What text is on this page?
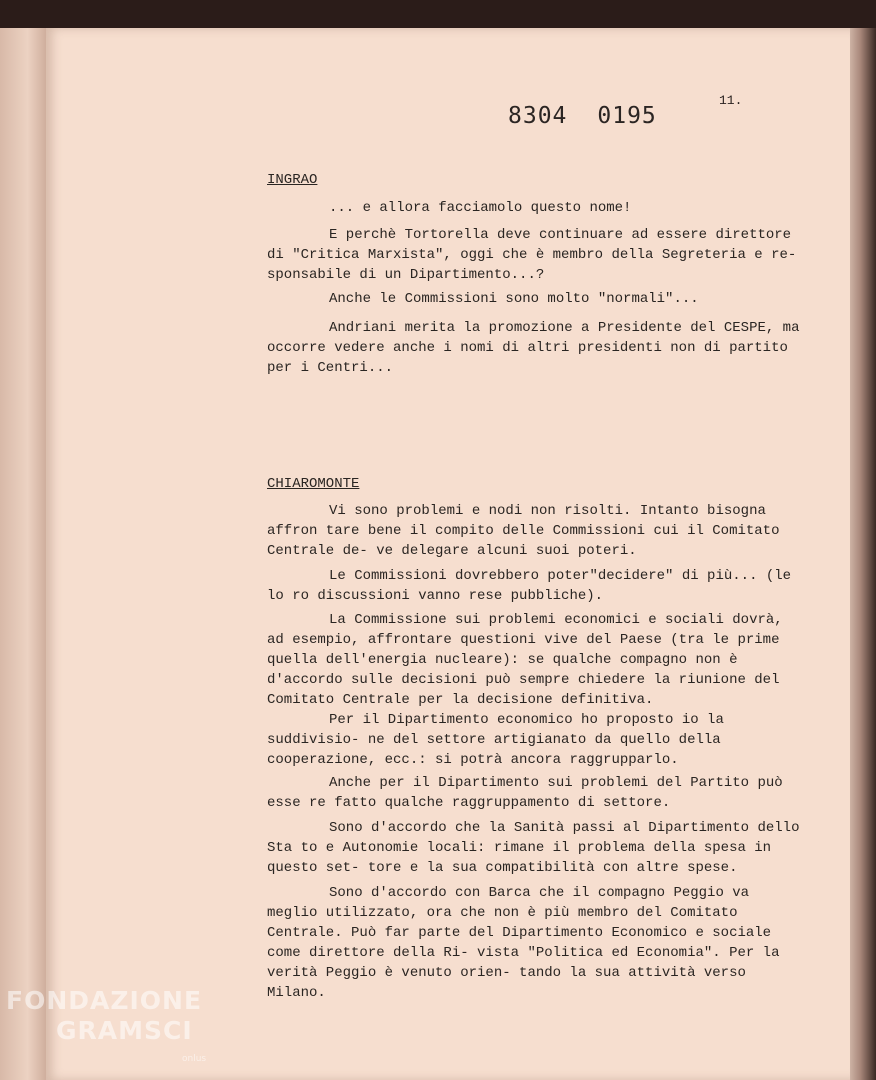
11.
8304 0195

INGRAO

... e allora facciamolo questo nome!

E perchè Tortorella deve continuare ad essere direttore di "Critica Marxista", oggi che è membro della Segreteria e re- sponsabile di un Dipartimento...?

Anche le Commissioni sono molto "normali"...

Andriani merita la promozione a Presidente del CESPE, ma occorre vedere anche i nomi di altri presidenti non di partito per i Centri...

CHIAROMONTE

Vi sono problemi e nodi non risolti. Intanto bisogna affron tare bene il compito delle Commissioni cui il Comitato Centrale de- ve delegare alcuni suoi poteri.

Le Commissioni dovrebbero poter"decidere" di più... (le lo ro discussioni vanno rese pubbliche).

La Commissione sui problemi economici e sociali dovrà, ad esempio, affrontare questioni vive del Paese (tra le prime quella dell'energia nucleare): se qualche compagno non è d'accordo sulle decisioni può sempre chiedere la riunione del Comitato Centrale per la decisione definitiva.

Per il Dipartimento economico ho proposto io la suddivisio- ne del settore artigianato da quello della cooperazione, ecc.: si potrà ancora raggrupparlo.

Anche per il Dipartimento sui problemi del Partito può esse re fatto qualche raggruppamento di settore.

Sono d'accordo che la Sanità passi al Dipartimento dello Sta to e Autonomie locali: rimane il problema della spesa in questo set- tore e la sua compatibilità con altre spese.

Sono d'accordo con Barca che il compagno Peggio va meglio utilizzato, ora che non è più membro del Comitato Centrale. Può far parte del Dipartimento Economico e sociale come direttore della Ri- vista "Politica ed Economia". Per la verità Peggio è venuto orien- tando la sua attività verso Milano.

FONDAZIONE
GRAMSCI
onlus
